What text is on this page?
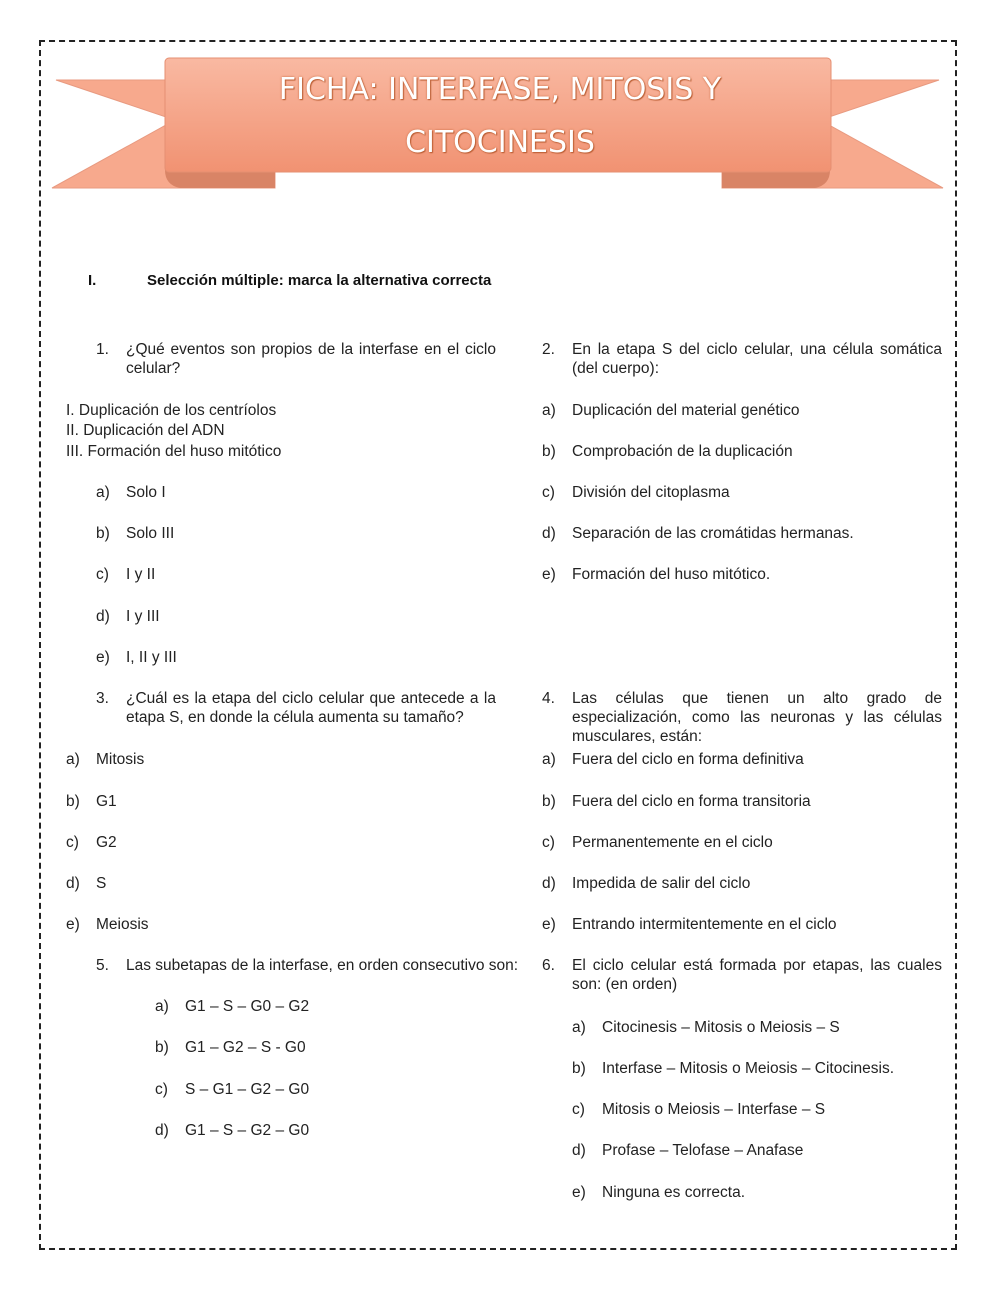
FICHA: INTERFASE, MITOSIS Y
CITOCINESIS
I.	Selección múltiple: marca la alternativa correcta
1. ¿Qué eventos son propios de la interfase en el ciclo celular?
I. Duplicación de los centríolos
II. Duplicación del ADN
III. Formación del huso mitótico
a) Solo I
b) Solo III
c) I y II
d) I y III
e) I, II y III
2. En la etapa S del ciclo celular, una célula somática (del cuerpo):
a) Duplicación del material genético
b) Comprobación de la duplicación
c) División del citoplasma
d) Separación de las cromátidas hermanas.
e) Formación del huso mitótico.
3. ¿Cuál es la etapa del ciclo celular que antecede a la etapa S, en donde la célula aumenta su tamaño?
a) Mitosis
b) G1
c) G2
d) S
e) Meiosis
4. Las células que tienen un alto grado de especialización, como las neuronas y las células musculares, están:
a) Fuera del ciclo en forma definitiva
b) Fuera del ciclo en forma transitoria
c) Permanentemente en el ciclo
d) Impedida de salir del ciclo
e) Entrando intermitentemente en el ciclo
5. Las subetapas de la interfase, en orden consecutivo son:
a) G1 – S – G0 – G2
b) G1 – G2 – S - G0
c) S – G1 – G2 – G0
d) G1 – S – G2 – G0
6. El ciclo celular está formada por etapas, las cuales son: (en orden)
a) Citocinesis – Mitosis o Meiosis – S
b) Interfase – Mitosis o Meiosis – Citocinesis.
c) Mitosis o Meiosis – Interfase – S
d) Profase – Telofase – Anafase
e) Ninguna es correcta.
